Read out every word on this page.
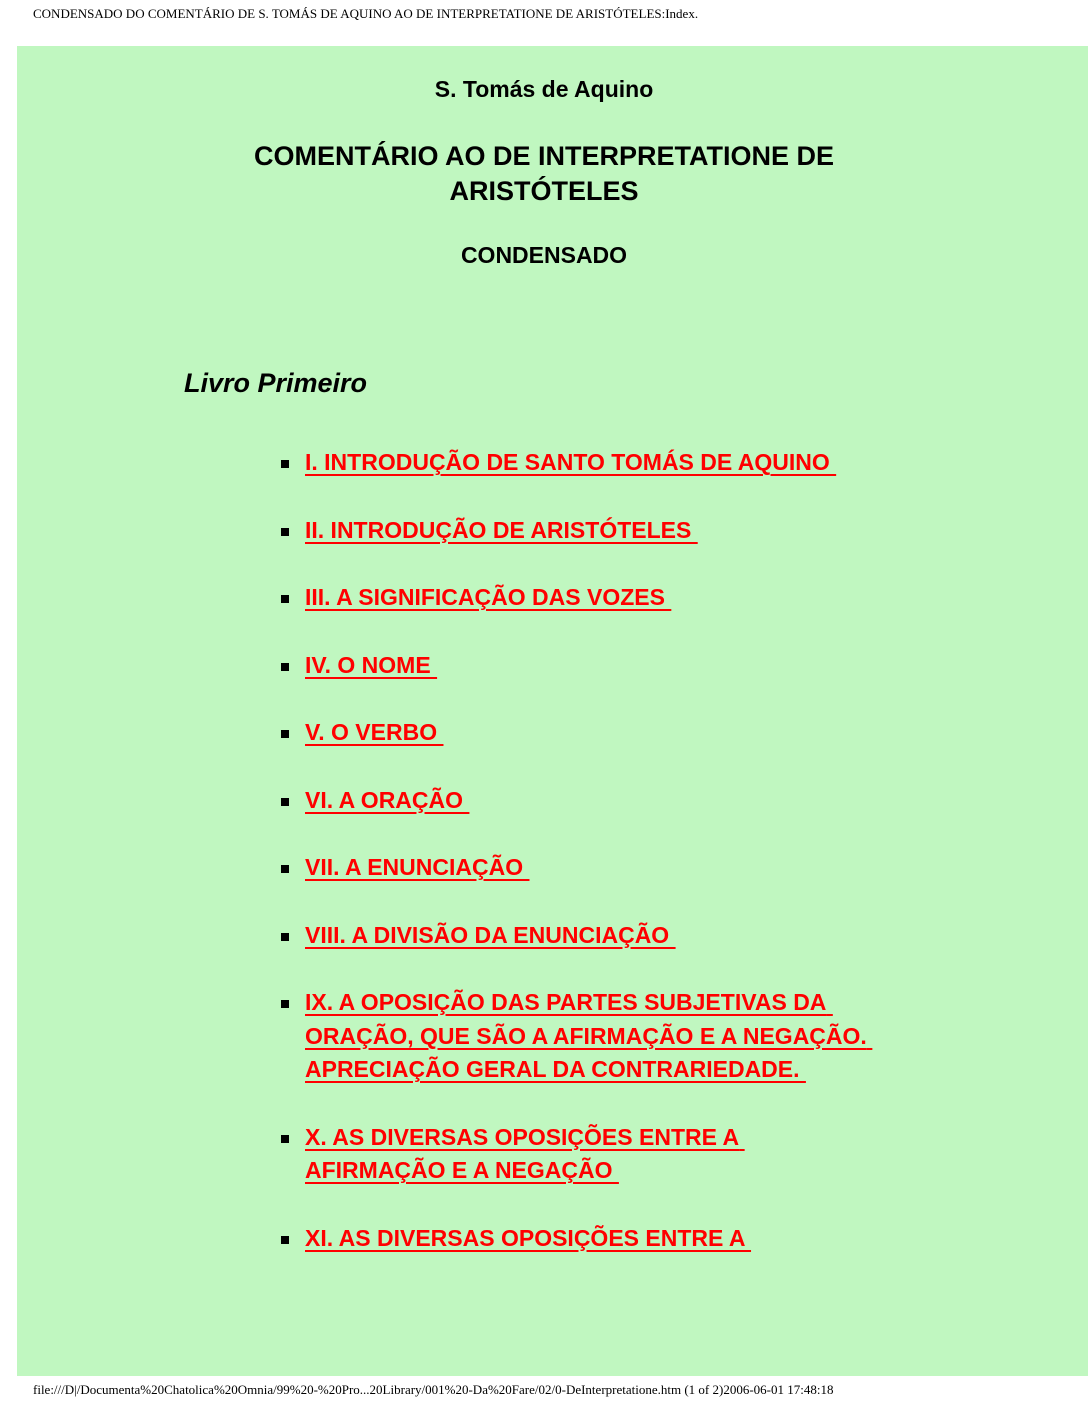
CONDENSADO DO COMENTÁRIO DE S. TOMÁS DE AQUINO AO DE INTERPRETATIONE DE ARISTÓTELES:Index.
S. Tomás de Aquino
COMENTÁRIO AO DE INTERPRETATIONE DE ARISTÓTELES
CONDENSADO
Livro Primeiro
I. INTRODUÇÃO DE SANTO TOMÁS DE AQUINO
II. INTRODUÇÃO DE ARISTÓTELES
III. A SIGNIFICAÇÃO DAS VOZES
IV. O NOME
V. O VERBO
VI. A ORAÇÃO
VII. A ENUNCIAÇÃO
VIII. A DIVISÃO DA ENUNCIAÇÃO
IX. A OPOSIÇÃO DAS PARTES SUBJETIVAS DA ORAÇÃO, QUE SÃO A AFIRMAÇÃO E A NEGAÇÃO. APRECIAÇÃO GERAL DA CONTRARIEDADE.
X. AS DIVERSAS OPOSIÇÕES ENTRE A AFIRMAÇÃO E A NEGAÇÃO
XI. AS DIVERSAS OPOSIÇÕES ENTRE A
file:///D|/Documenta%20Chatolica%20Omnia/99%20-%20Pro...20Library/001%20-Da%20Fare/02/0-DeInterpretatione.htm (1 of 2)2006-06-01 17:48:18
